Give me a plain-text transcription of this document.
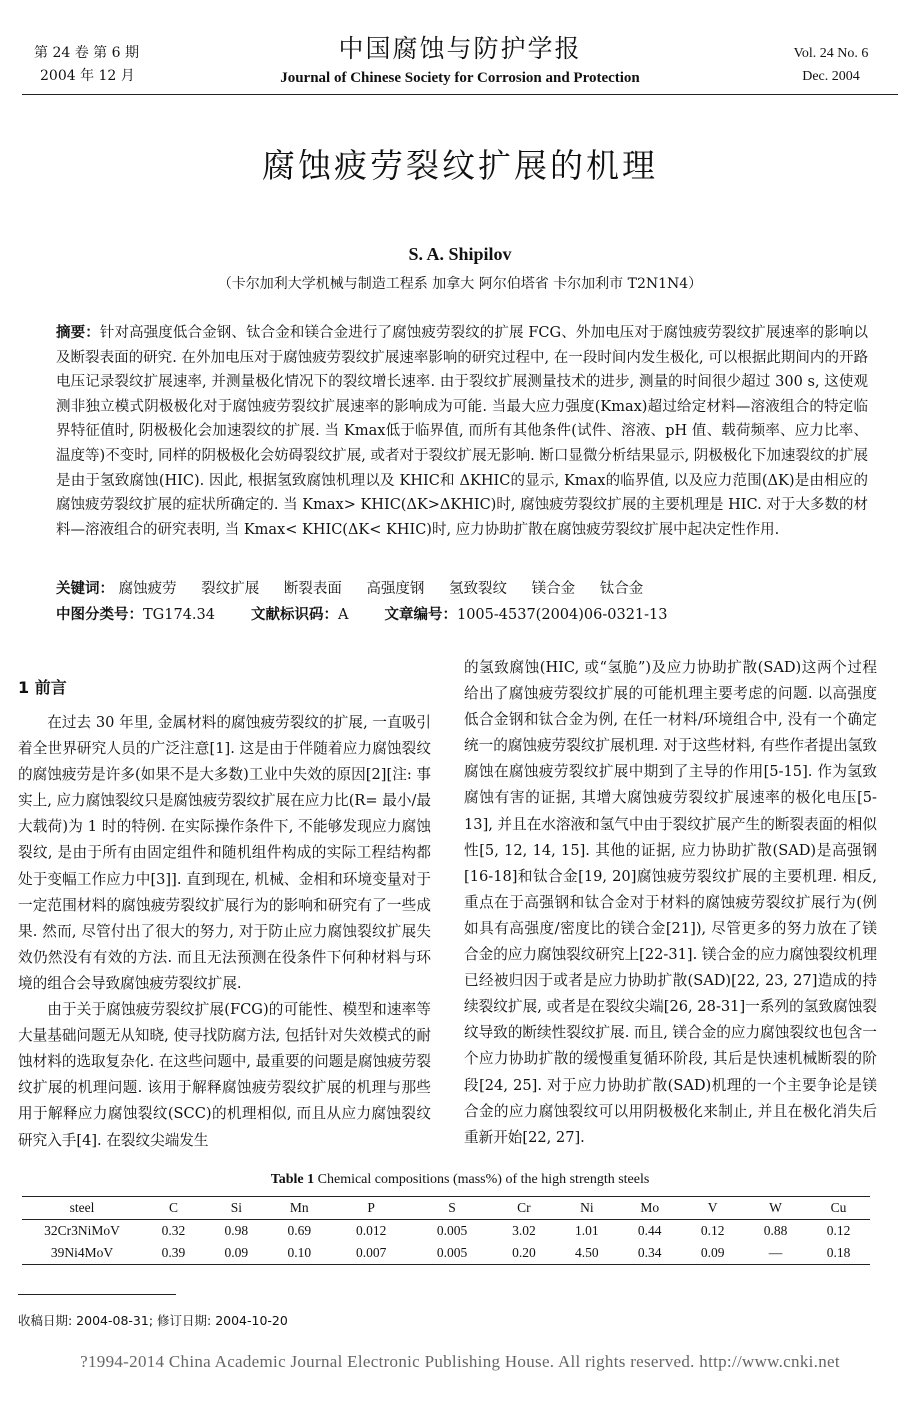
第 24 卷 第 6 期
2004 年 12 月
中国腐蚀与防护学报
Journal of Chinese Society for Corrosion and Protection
Vol. 24 No. 6
Dec. 2004
腐蚀疲劳裂纹扩展的机理
S. A. Shipilov
（卡尔加利大学机械与制造工程系 加拿大 阿尔伯塔省 卡尔加利市 T2N1N4）
摘要：针对高强度低合金钢、钛合金和镁合金进行了腐蚀疲劳裂纹的扩展 FCG、外加电压对于腐蚀疲劳裂纹扩展速率的影响以及断裂表面的研究. 在外加电压对于腐蚀疲劳裂纹扩展速率影响的研究过程中, 在一段时间内发生极化, 可以根据此期间内的开路电压记录裂纹扩展速率, 并测量极化情况下的裂纹增长速率. 由于裂纹扩展测量技术的进步, 测量的时间很少超过 300 s, 这使观测非独立模式阴极极化对于腐蚀疲劳裂纹扩展速率的影响成为可能. 当最大应力强度(Kmax)超过给定材料—溶液组合的特定临界特征值时, 阴极极化会加速裂纹的扩展. 当 Kmax低于临界值, 而所有其他条件(试件、溶液、pH 值、载荷频率、应力比率、温度等)不变时, 同样的阴极极化会妨碍裂纹扩展, 或者对于裂纹扩展无影响. 断口显微分析结果显示, 阴极极化下加速裂纹的扩展是由于氢致腐蚀(HIC). 因此, 根据氢致腐蚀机理以及 KHIC和 ΔKHIC的显示, Kmax的临界值, 以及应力范围(ΔK)是由相应的腐蚀疲劳裂纹扩展的症状所确定的. 当 Kmax> KHIC(ΔK>ΔKHIC)时, 腐蚀疲劳裂纹扩展的主要机理是 HIC. 对于大多数的材料—溶液组合的研究表明, 当 Kmax< KHIC(ΔK< KHIC)时, 应力协助扩散在腐蚀疲劳裂纹扩展中起决定性作用.
关键词： 腐蚀疲劳 裂纹扩展 断裂表面 高强度钢 氢致裂纹 镁合金 钛合金
中图分类号：TG174.34 文献标识码：A 文章编号：1005-4537(2004)06-0321-13
1 前言

在过去 30 年里, 金属材料的腐蚀疲劳裂纹的扩展, 一直吸引着全世界研究人员的广泛注意[1]. 这是由于伴随着应力腐蚀裂纹的腐蚀疲劳是许多(如果不是大多数)工业中失效的原因[2][注: 事实上, 应力腐蚀裂纹只是腐蚀疲劳裂纹扩展在应力比(R= 最小/最大载荷)为 1 时的特例. 在实际操作条件下, 不能够发现应力腐蚀裂纹, 是由于所有由固定组件和随机组件构成的实际工程结构都处于变幅工作应力中[3]]. 直到现在, 机械、金相和环境变量对于一定范围材料的腐蚀疲劳裂纹扩展行为的影响和研究有了一些成果. 然而, 尽管付出了很大的努力, 对于防止应力腐蚀裂纹扩展失效仍然没有有效的方法. 而且无法预测在役条件下何种材料与环境的组合会导致腐蚀疲劳裂纹扩展.

由于关于腐蚀疲劳裂纹扩展(FCG)的可能性、模型和速率等大量基础问题无从知晓, 使寻找防腐方法, 包括针对失效模式的耐蚀材料的选取复杂化. 在这些问题中, 最重要的问题是腐蚀疲劳裂纹扩展的机理问题. 该用于解释腐蚀疲劳裂纹扩展的机理与那些用于解释应力腐蚀裂纹(SCC)的机理相似, 而且从应力腐蚀裂纹研究入手[4]. 在裂纹尖端发生

的氢致腐蚀(HIC, 或“氢脆”)及应力协助扩散(SAD)这两个过程给出了腐蚀疲劳裂纹扩展的可能机理主要考虑的问题. 以高强度低合金钢和钛合金为例, 在任一材料/环境组合中, 没有一个确定统一的腐蚀疲劳裂纹扩展机理. 对于这些材料, 有些作者提出氢致腐蚀在腐蚀疲劳裂纹扩展中期到了主导的作用[5-15]. 作为氢致腐蚀有害的证据, 其增大腐蚀疲劳裂纹扩展速率的极化电压[5-13], 并且在水溶液和氢气中由于裂纹扩展产生的断裂表面的相似性[5, 12, 14, 15]. 其他的证据, 应力协助扩散(SAD)是高强钢[16-18]和钛合金[19, 20]腐蚀疲劳裂纹扩展的主要机理. 相反, 重点在于高强钢和钛合金对于材料的腐蚀疲劳裂纹扩展行为(例如具有高强度/密度比的镁合金[21]), 尽管更多的努力放在了镁合金的应力腐蚀裂纹研究上[22-31]. 镁合金的应力腐蚀裂纹机理已经被归因于或者是应力协助扩散(SAD)[22, 23, 27]造成的持续裂纹扩展, 或者是在裂纹尖端[26, 28-31]一系列的氢致腐蚀裂纹导致的断续性裂纹扩展. 而且, 镁合金的应力腐蚀裂纹也包含一个应力协助扩散的缓慢重复循环阶段, 其后是快速机械断裂的阶段[24, 25]. 对于应力协助扩散(SAD)机理的一个主要争论是镁合金的应力腐蚀裂纹可以用阴极极化来制止, 并且在极化消失后重新开始[22, 27].

Table 1 Chemical compositions (mass%) of the high strength steels
steel	C	Si	Mn	P	S	Cr	Ni	Mo	V	W	Cu
32Cr3NiMoV	0.32	0.98	0.69	0.012	0.005	3.02	1.01	0.44	0.12	0.88	0.12
39Ni4MoV	0.39	0.09	0.10	0.007	0.005	0.20	4.50	0.34	0.09	—	0.18
收稿日期: 2004-08-31; 修订日期: 2004-10-20
?1994-2014 China Academic Journal Electronic Publishing House. All rights reserved. http://www.cnki.net
